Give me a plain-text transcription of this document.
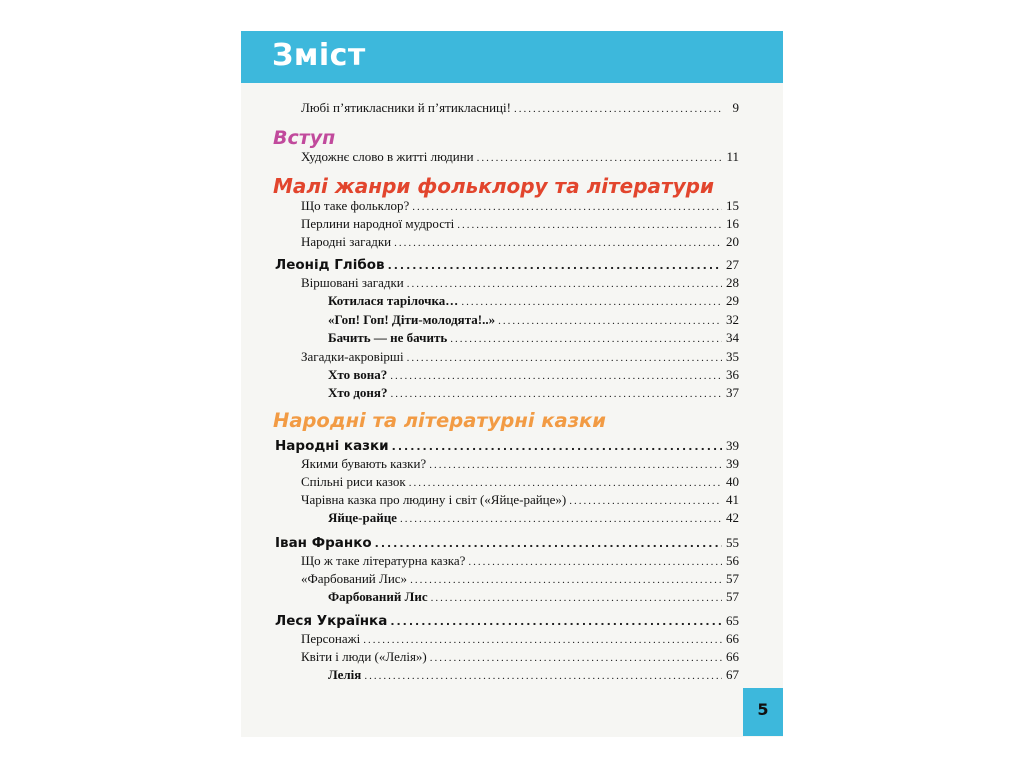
Зміст
Любі п’ятикласники й п’ятикласниці! .....	9
Вступ
Художнє слово в житті людини .....	11
Малі жанри фольклору та літератури
Що таке фольклор? .....	15
Перлини народної мудрості .....	16
Народні загадки .....	20
Леонід Глібов .....	27
Віршовані загадки .....	28
Котилася тарілочка… .....	29
«Гоп! Гоп! Діти-молодята!..» .....	32
Бачить — не бачить .....	34
Загадки-акровірші .....	35
Хто вона? .....	36
Хто доня? .....	37
Народні та літературні казки
Народні казки .....	39
Якими бувають казки? .....	39
Спільні риси казок .....	40
Чарівна казка про людину і світ («Яйце-райце») .....	41
Яйце-райце .....	42
Іван Франко .....	55
Що ж таке літературна казка? .....	56
«Фарбований Лис» .....	57
Фарбований Лис .....	57
Леся Українка .....	65
Персонажі .....	66
Квіти і люди («Лелія») .....	66
Лелія .....	67
5
